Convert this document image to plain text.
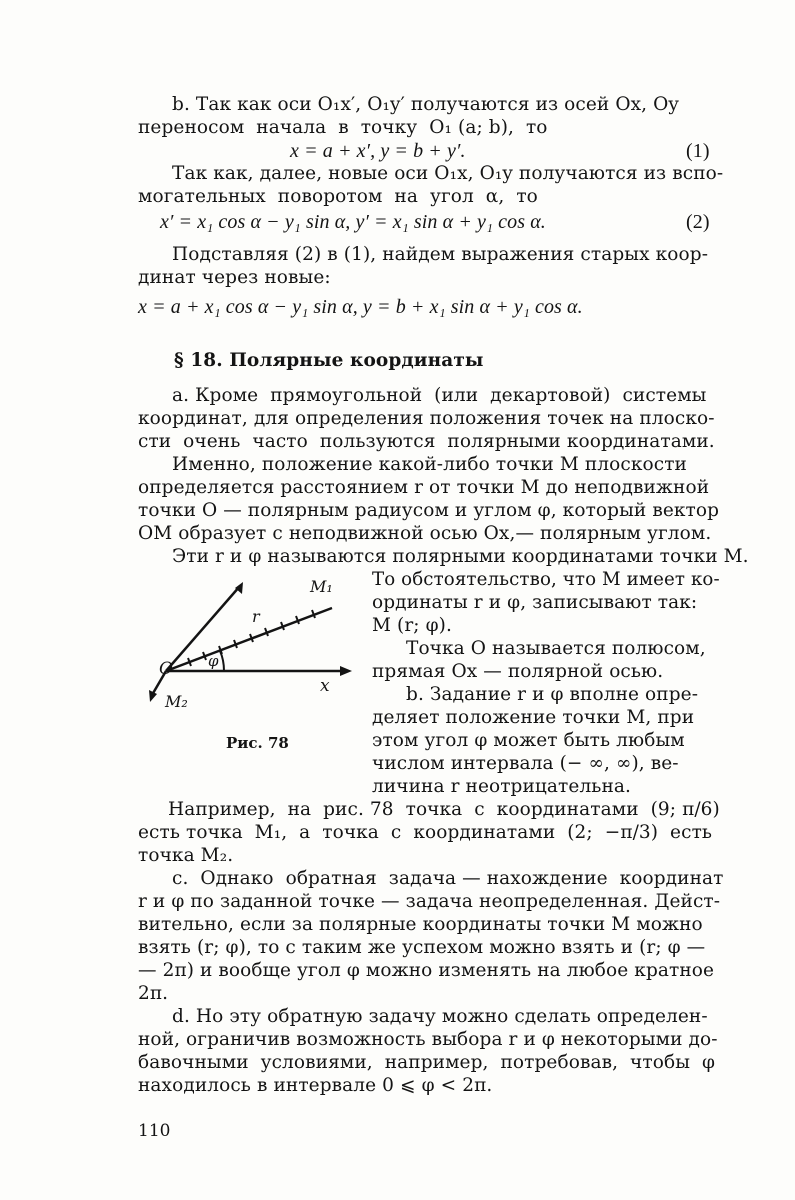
b. Так как оси O₁x′, O₁y′ получаются из осей Ox, Oy
переносом  начала  в  точку  O₁ (a; b),  то
x = a + x′, y = b + y′.	(1)
Так как, далее, новые оси O₁x, O₁y получаются из вспо-
могательных  поворотом  на  угол  α,  то
x′ = x₁ cos α − y₁ sin α, y′ = x₁ sin α + y₁ cos α.	(2)
Подставляя (2) в (1), найдем выражения старых коор-
динат через новые:
x = a + x₁ cos α − y₁ sin α, y = b + x₁ sin α + y₁ cos α.
§ 18. Полярные координаты
a. Кроме  прямоугольной  (или  декартовой)  системы
координат, для определения положения точек на плоско-
сти  очень  часто  пользуются  полярными координатами.
Именно, положение какой-либо точки M плоскости
определяется расстоянием r от точки M до неподвижной
точки O — полярным радиусом и углом φ, который вектор
OM образует с неподвижной осью Ox,— полярным углом.
Эти r и φ называются полярными координатами точки M.
O
M₁
M₂
r
φ
x
Рис. 78
То обстоятельство, что M имеет ко-
ординаты r и φ, записывают так:
M (r; φ).
Точка O называется полюсом,
прямая Ox — полярной осью.
b. Задание r и φ вполне опре-
деляет положение точки M, при
этом угол φ может быть любым
числом интервала (− ∞, ∞), ве-
личина r неотрицательна.
Например,  на  рис. 78  точка  с  координатами  (9; π/6)
есть точка  M₁,  а  точка  с  координатами  (2;  −π/3)  есть
точка M₂.
c.  Однако  обратная  задача — нахождение  координат
r и φ по заданной точке — задача неопределенная. Дейст-
вительно, если за полярные координаты точки M можно
взять (r; φ), то с таким же успехом можно взять и (r; φ —
— 2π) и вообще угол φ можно изменять на любое кратное
2π.
d. Но эту обратную задачу можно сделать определен-
ной, ограничив возможность выбора r и φ некоторыми до-
бавочными  условиями,  например,  потребовав,  чтобы  φ
находилось в интервале 0 ⩽ φ < 2π.
110
